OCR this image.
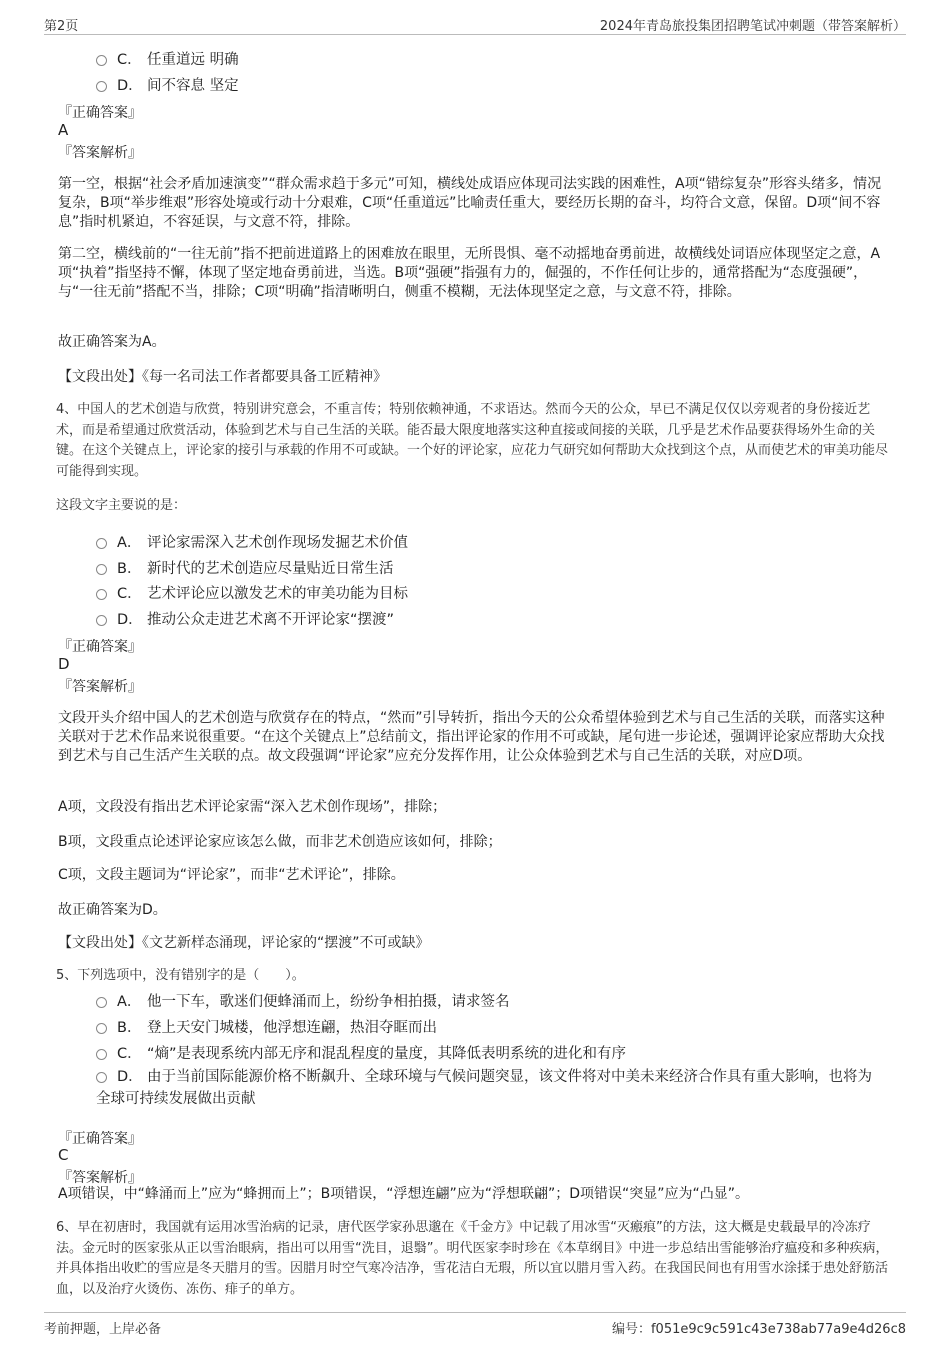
第2页	2024年青岛旅投集团招聘笔试冲刺题（带答案解析）
C． 任重道远 明确
D． 间不容息 坚定
『正确答案』
A
『答案解析』
第一空，根据“社会矛盾加速演变”“群众需求趋于多元”可知，横线处成语应体现司法实践的困难性，A项“错综复杂”形容头绪多，情况复杂，B项“举步维艰”形容处境或行动十分艰难，C项“任重道远”比喻责任重大，要经历长期的奋斗，均符合文意，保留。D项“间不容息”指时机紧迫，不容延误，与文意不符，排除。
第二空，横线前的“一往无前”指不把前进道路上的困难放在眼里，无所畏惧、毫不动摇地奋勇前进，故横线处词语应体现坚定之意，A项“执着”指坚持不懈，体现了坚定地奋勇前进，当选。B项“强硬”指强有力的，倔强的，不作任何让步的，通常搭配为“态度强硬”，与“一往无前”搭配不当，排除；C项“明确”指清晰明白，侧重不模糊，无法体现坚定之意，与文意不符，排除。
故正确答案为A。
【文段出处】《每一名司法工作者都要具备工匠精神》
4、中国人的艺术创造与欣赏，特别讲究意会，不重言传；特别依赖神通，不求语达。然而今天的公众，早已不满足仅仅以旁观者的身份接近艺术，而是希望通过欣赏活动，体验到艺术与自己生活的关联。能否最大限度地落实这种直接或间接的关联，几乎是艺术作品要获得场外生命的关键。在这个关键点上，评论家的接引与承载的作用不可或缺。一个好的评论家，应花力气研究如何帮助大众找到这个点，从而使艺术的审美功能尽可能得到实现。
这段文字主要说的是：
A． 评论家需深入艺术创作现场发掘艺术价值
B． 新时代的艺术创造应尽量贴近日常生活
C． 艺术评论应以激发艺术的审美功能为目标
D． 推动公众走进艺术离不开评论家“摆渡”
『正确答案』
D
『答案解析』
文段开头介绍中国人的艺术创造与欣赏存在的特点，“然而”引导转折，指出今天的公众希望体验到艺术与自己生活的关联，而落实这种关联对于艺术作品来说很重要。“在这个关键点上”总结前文，指出评论家的作用不可或缺，尾句进一步论述，强调评论家应帮助大众找到艺术与自己生活产生关联的点。故文段强调“评论家”应充分发挥作用，让公众体验到艺术与自己生活的关联，对应D项。
A项，文段没有指出艺术评论家需“深入艺术创作现场”，排除；
B项，文段重点论述评论家应该怎么做，而非艺术创造应该如何，排除；
C项，文段主题词为“评论家”，而非“艺术评论”，排除。
故正确答案为D。
【文段出处】《文艺新样态涌现，评论家的“摆渡”不可或缺》
5、下列选项中，没有错别字的是（　　）。
A． 他一下车，歌迷们便蜂涌而上，纷纷争相拍摄，请求签名
B． 登上天安门城楼，他浮想连翩，热泪夺眶而出
C． “熵”是表现系统内部无序和混乱程度的量度，其降低表明系统的进化和有序
D． 由于当前国际能源价格不断飙升、全球环境与气候问题突显，该文件将对中美未来经济合作具有重大影响，也将为全球可持续发展做出贡献
『正确答案』
C
『答案解析』
A项错误，中“蜂涌而上”应为“蜂拥而上”；B项错误，“浮想连翩”应为“浮想联翩”；D项错误“突显”应为“凸显”。
6、早在初唐时，我国就有运用冰雪治病的记录，唐代医学家孙思邈在《千金方》中记载了用冰雪“灭瘢痕”的方法，这大概是史载最早的冷冻疗法。金元时的医家张从正以雪治眼病，指出可以用雪“洗目，退翳”。明代医家李时珍在《本草纲目》中进一步总结出雪能够治疗瘟疫和多种疾病，并具体指出收贮的雪应是冬天腊月的雪。因腊月时空气寒冷洁净，雪花洁白无瑕，所以宜以腊月雪入药。在我国民间也有用雪水涂揉于患处舒筋活血，以及治疗火烫伤、冻伤、痱子的单方。
考前押题，上岸必备	编号：f051e9c9c591c43e738ab77a9e4d26c8
